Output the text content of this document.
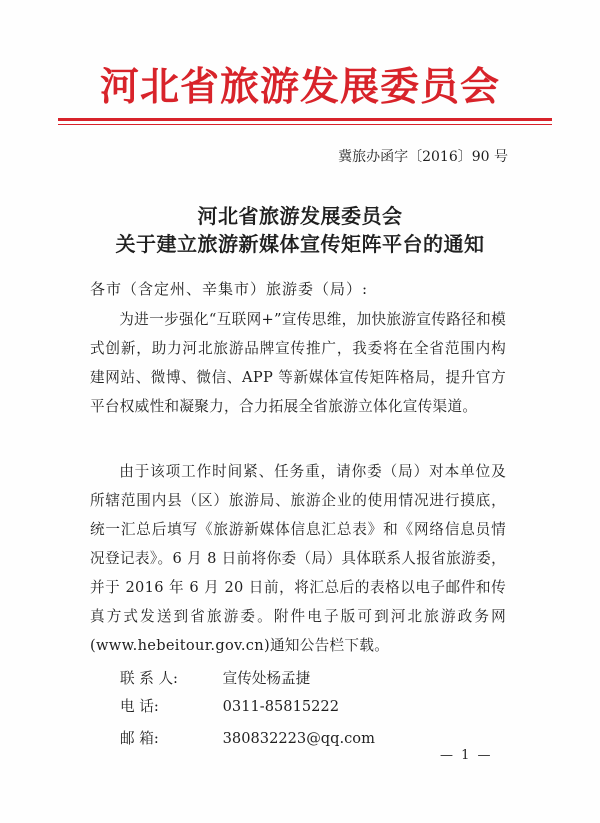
河北省旅游发展委员会
冀旅办函字〔2016〕90 号
河北省旅游发展委员会
关于建立旅游新媒体宣传矩阵平台的通知
各市（含定州、辛集市）旅游委（局）:
为进一步强化“互联网+”宣传思维，加快旅游宣传路径和模式创新，助力河北旅游品牌宣传推广，我委将在全省范围内构建网站、微博、微信、APP 等新媒体宣传矩阵格局，提升官方平台权威性和凝聚力，合力拓展全省旅游立体化宣传渠道。
由于该项工作时间紧、任务重，请你委（局）对本单位及所辖范围内县（区）旅游局、旅游企业的使用情况进行摸底，统一汇总后填写《旅游新媒体信息汇总表》和《网络信息员情况登记表》。6 月 8 日前将你委（局）具体联系人报省旅游委，并于 2016 年 6 月 20 日前，将汇总后的表格以电子邮件和传真方式发送到省旅游委。附件电子版可到河北旅游政务网(www.hebeitour.gov.cn)通知公告栏下载。
联 系 人:	宣传处杨孟捷
电 话:	0311-85815222
邮 箱:	380832223@qq.com
— 1 —
